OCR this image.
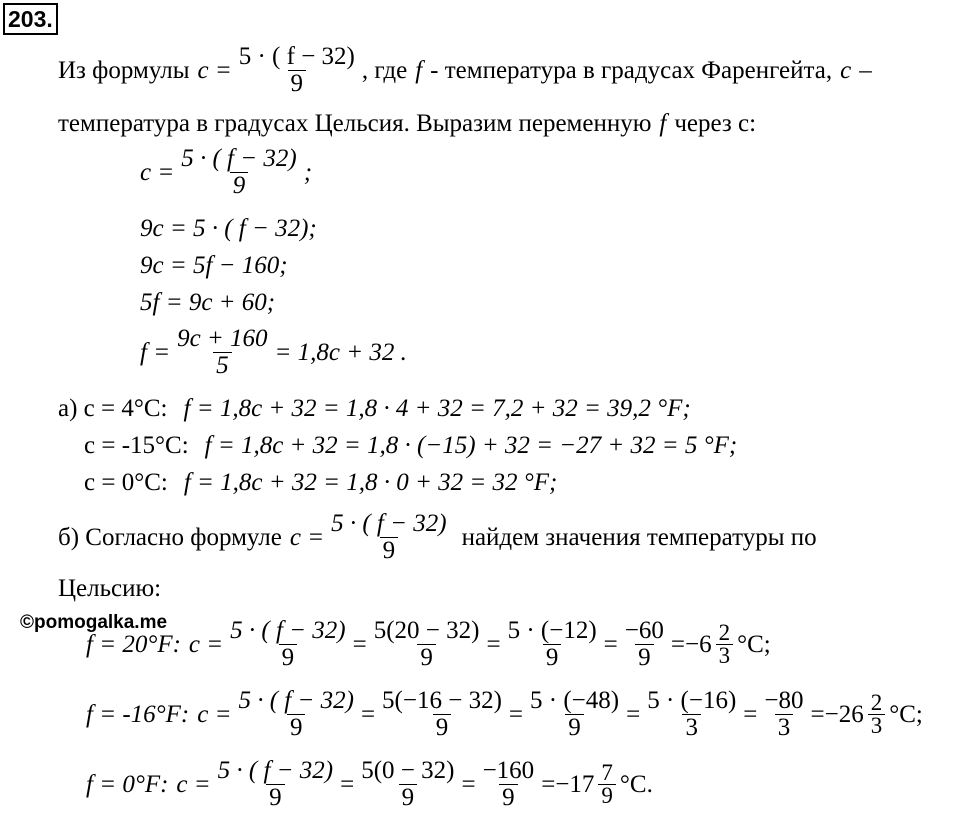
203.
Из формулы $c = \frac{5 \cdot ( f - 32)}{9}$ , где f - температура в градусах Фаренгейта, c –
температура в градусах Цельсия. Выразим переменную f через с:
$c = \frac{5 \cdot ( f - 32)}{9}$ ;
9c = 5 · ( f − 32);
9c = 5f − 160;
5f = 9c + 60;
$f = \frac{9c + 160}{5} = 1,8c + 32$ .
а) c = 4°C: f = 1,8c + 32 = 1,8 · 4 + 32 = 7,2 + 32 = 39,2 °F;
c = -15°C: f = 1,8c + 32 = 1,8 · (−15) + 32 = −27 + 32 = 5 °F;
c = 0°C: f = 1,8c + 32 = 1,8 · 0 + 32 = 32 °F;
б) Согласно формуле $c = \frac{5 \cdot ( f - 32)}{9}$ найдем значения температуры по
Цельсию:
©pomogalka.me
f = 20°F: $c = \frac{5 \cdot ( f - 32)}{9} = \frac{5(20 - 32)}{9} = \frac{5 \cdot (-12)}{9} = \frac{-60}{9} = -6 \frac{2}{3} ^\circ C$;
f = -16°F: $c = \frac{5 \cdot ( f - 32)}{9} = \frac{5(-16 - 32)}{9} = \frac{5 \cdot (-48)}{9} = \frac{5 \cdot (-16)}{3} = \frac{-80}{3} = -26 \frac{2}{3} ^\circ C$;
f = 0°F: $c = \frac{5 \cdot ( f - 32)}{9} = \frac{5(0 - 32)}{9} = \frac{-160}{9} = -17 \frac{7}{9} ^\circ C$.
